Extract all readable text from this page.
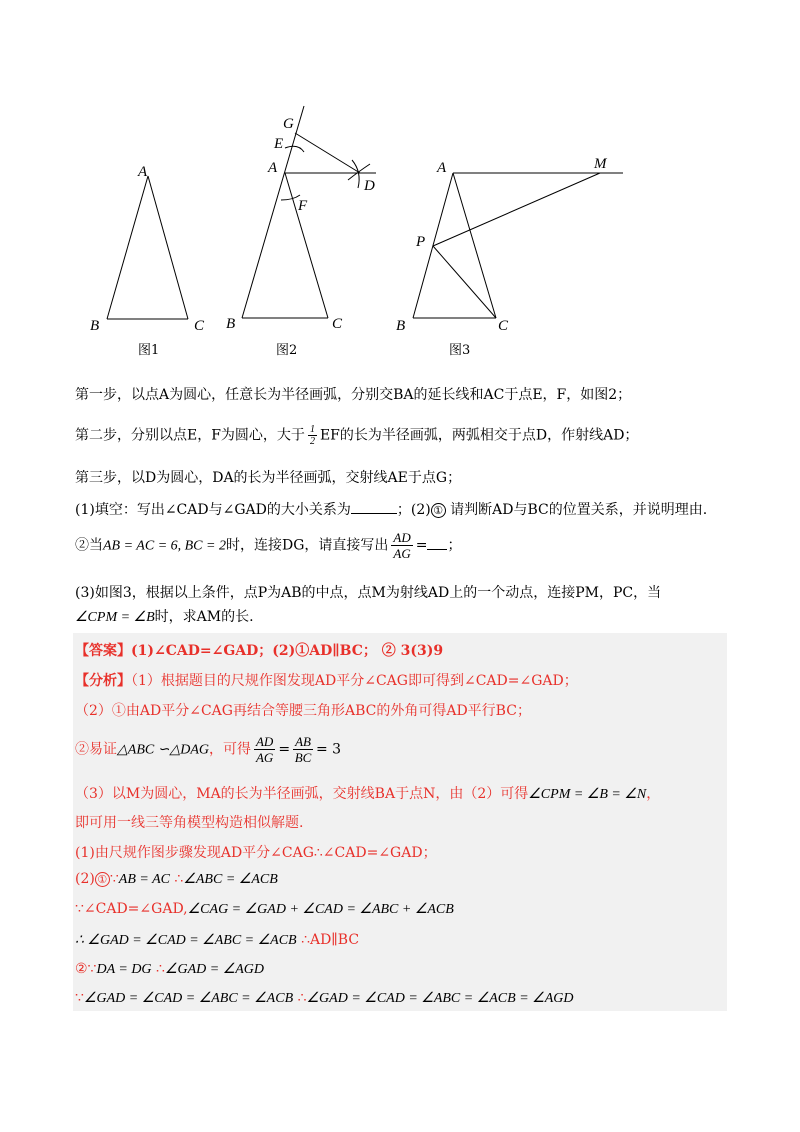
A
B	C
G
E
A
D
F
B	C
A	M
P
B	C
图1	图2	图3
第一步，以点A为圆心，任意长为半径画弧，分别交BA的延长线和AC于点E，F，如图2；
第二步，分别以点E，F为圆心，大于 $\frac{1}{2}$ EF的长为半径画弧，两弧相交于点D，作射线AD；
第三步，以D为圆心，DA的长为半径画弧，交射线AE于点G；
(1)填空：写出∠CAD与∠GAD的大小关系为	；(2) ① 请判断AD与BC的位置关系，并说明理由.
②当AB = AC = 6, BC = 2时，连接DG，请直接写出 $\frac{AD}{AG}$ = ；
(3)如图3，根据以上条件，点P为AB的中点，点M为射线AD上的一个动点，连接PM，PC，当
∠CPM = ∠B时，求AM的长.
【答案】(1)∠CAD=∠GAD；(2)①AD∥BC； ② 3(3)9
【分析】（1）根据题目的尺规作图发现AD平分∠CAG即可得到∠CAD=∠GAD；
（2）①由AD平分∠CAG再结合等腰三角形ABC的外角可得AD平行BC；
②易证△ABC ∽△DAG，可得 $\frac{AD}{AG} = \frac{AB}{BC} = 3$
（3）以M为圆心，MA的长为半径画弧，交射线BA于点N，由（2）可得∠CPM = ∠B = ∠N，
即可用一线三等角模型构造相似解题.
(1)由尺规作图步骤发现AD平分∠CAG∴∠CAD=∠GAD；
(2) ① ∵AB = AC ∴∠ABC = ∠ACB
∵∠CAD=∠GAD,∠CAG = ∠GAD + ∠CAD = ∠ABC + ∠ACB
∴ ∠GAD = ∠CAD = ∠ABC = ∠ACB ∴AD∥BC
②∵DA = DG ∴∠GAD = ∠AGD
∵∠GAD = ∠CAD = ∠ABC = ∠ACB ∴∠GAD = ∠CAD = ∠ABC = ∠ACB = ∠AGD
